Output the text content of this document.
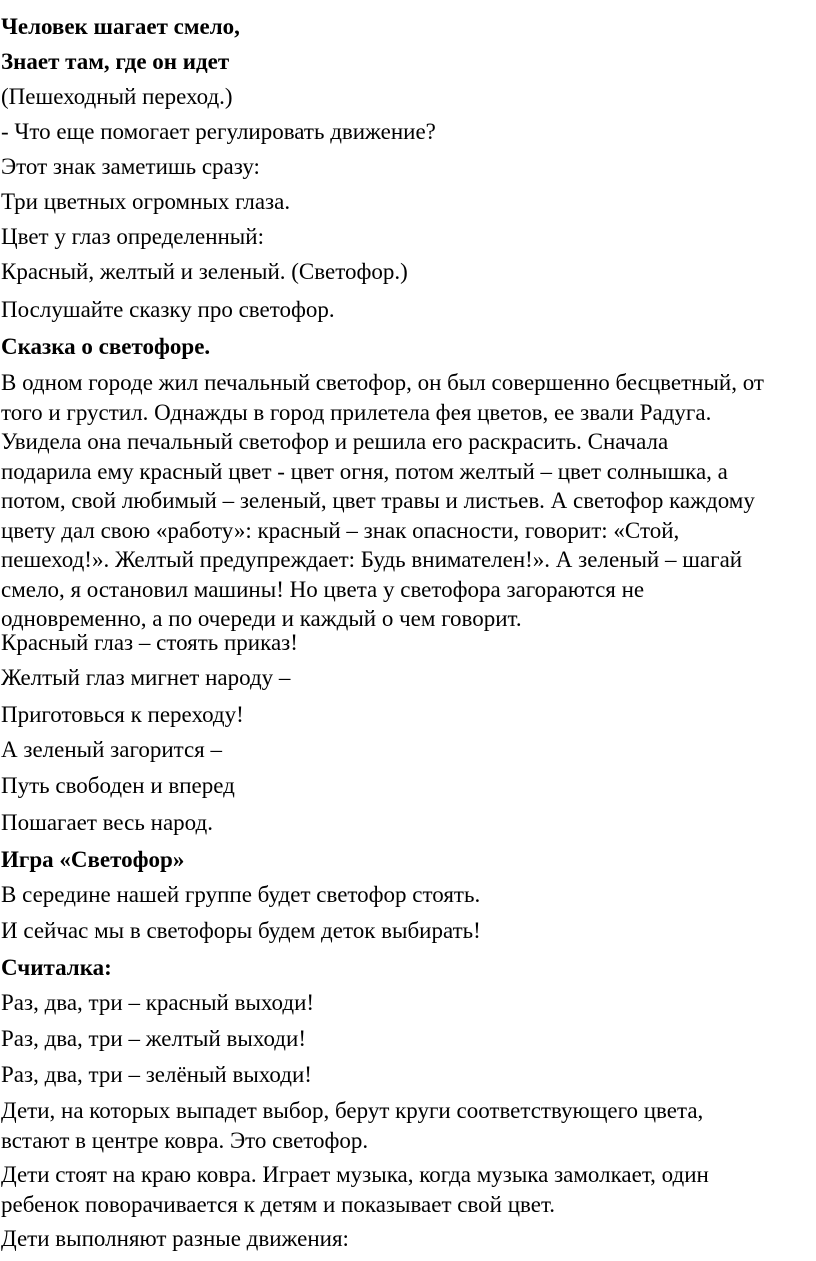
Человек шагает смело,

Знает там, где он идет

(Пешеходный переход.)

- Что еще помогает регулировать движение?

Этот знак заметишь сразу:

Три цветных огромных глаза.

Цвет у глаз определенный:

Красный, желтый и зеленый. (Светофор.)

Послушайте сказку про светофор.

Сказка о светофоре.

В одном городе жил печальный светофор, он был совершенно бесцветный, от
того и грустил. Однажды в город прилетела фея цветов, ее звали Радуга.
Увидела она печальный светофор и решила его раскрасить. Сначала
подарила ему красный цвет - цвет огня, потом желтый – цвет солнышка, а
потом, свой любимый – зеленый, цвет травы и листьев. А светофор каждому
цвету дал свою «работу»: красный – знак опасности, говорит: «Стой,
пешеход!». Желтый предупреждает: Будь внимателен!». А зеленый – шагай
смело, я остановил машины! Но цвета у светофора загораются не
одновременно, а по очереди и каждый о чем говорит.

Красный глаз – стоять приказ!

Желтый глаз мигнет народу –

Приготовься к переходу!

А зеленый загорится –

Путь свободен и вперед

Пошагает весь народ.

Игра «Светофор»

В середине нашей группе будет светофор стоять.

И сейчас мы в светофоры будем деток выбирать!

Считалка:

Раз, два, три – красный выходи!

Раз, два, три – желтый выходи!

Раз, два, три – зелёный выходи!

Дети, на которых выпадет выбор, берут круги соответствующего цвета,
встают в центре ковра. Это светофор.
Дети стоят на краю ковра. Играет музыка, когда музыка замолкает, один
ребенок поворачивается к детям и показывает свой цвет.

Дети выполняют разные движения:
